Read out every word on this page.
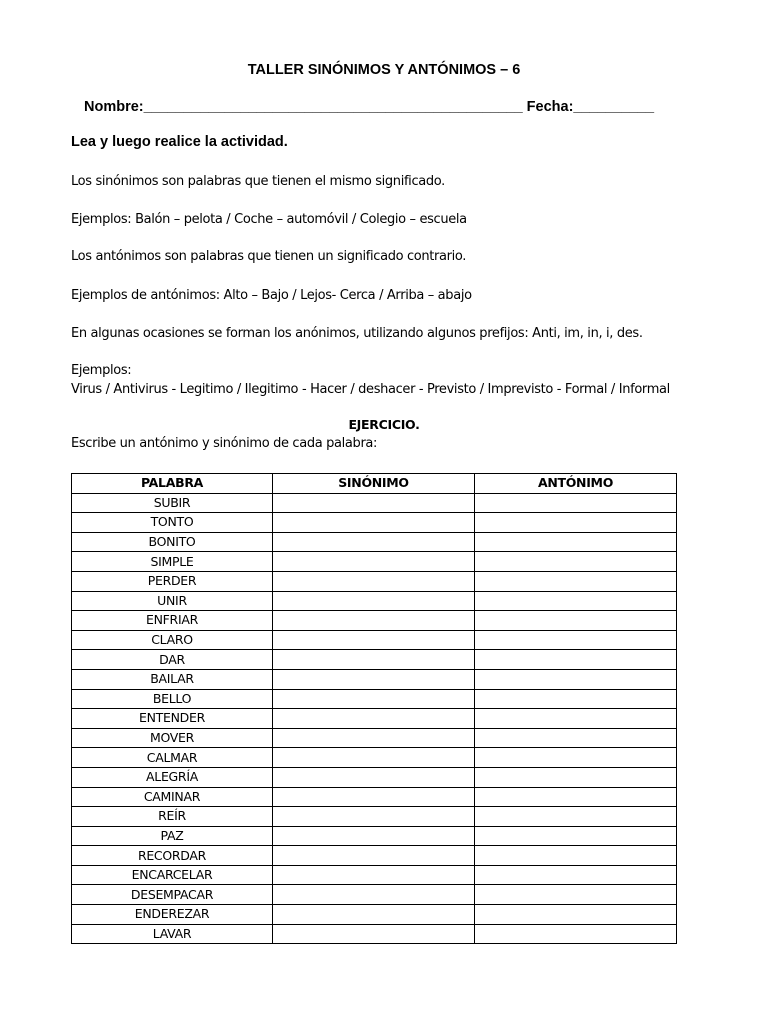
TALLER SINÓNIMOS Y ANTÓNIMOS – 6
Nombre:_______________________________________________ Fecha:__________
Lea y luego realice la actividad.
Los sinónimos son palabras que tienen el mismo significado.
Ejemplos: Balón – pelota / Coche – automóvil / Colegio – escuela
Los antónimos son palabras que tienen un significado contrario.
Ejemplos de antónimos: Alto – Bajo / Lejos- Cerca / Arriba – abajo
En algunas ocasiones se forman los anónimos, utilizando algunos prefijos: Anti, im, in, i, des.
Ejemplos:
Virus / Antivirus - Legitimo / Ilegitimo - Hacer / deshacer - Previsto / Imprevisto - Formal / Informal
EJERCICIO.
Escribe un antónimo y sinónimo de cada palabra:
PALABRA	SINÓNIMO	ANTÓNIMO
SUBIR		
TONTO		
BONITO		
SIMPLE		
PERDER		
UNIR		
ENFRIAR		
CLARO		
DAR		
BAILAR		
BELLO		
ENTENDER		
MOVER		
CALMAR		
ALEGRÍA		
CAMINAR		
REÍR		
PAZ		
RECORDAR		
ENCARCELAR		
DESEMPACAR		
ENDEREZAR		
LAVAR		
